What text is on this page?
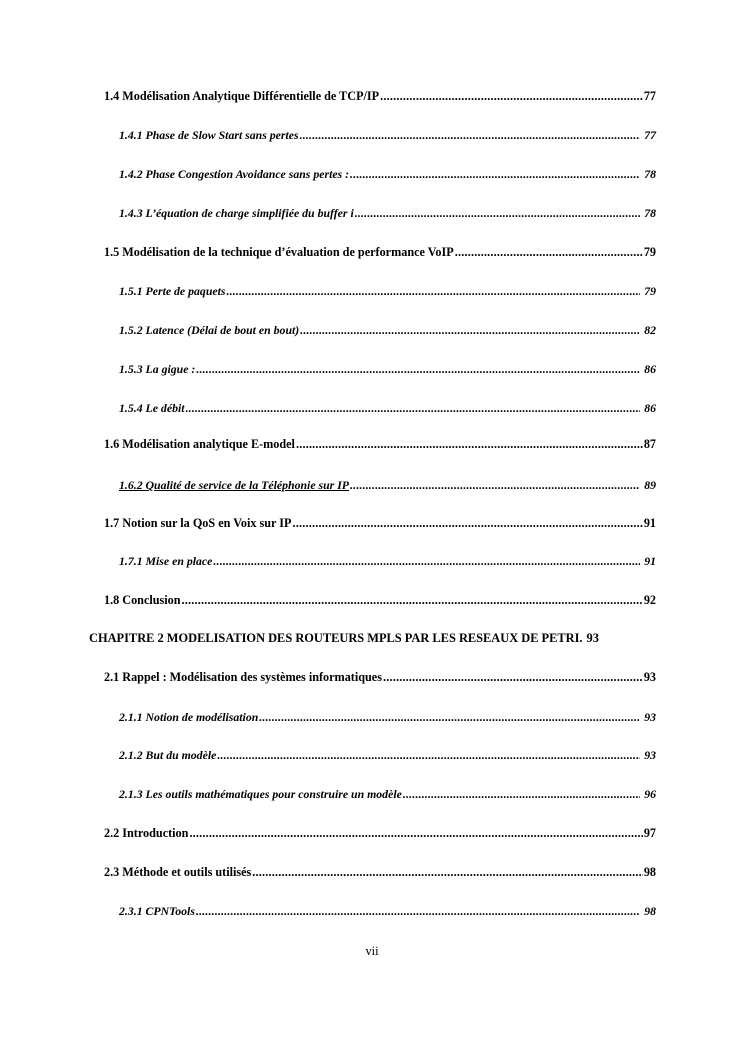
1.4 Modélisation Analytique Différentielle de TCP/IP .....	77
1.4.1 Phase de Slow Start sans pertes .....	77
1.4.2 Phase Congestion Avoidance sans pertes : .....	78
1.4.3 L’équation de charge simplifiée du buffer i .....	78
1.5 Modélisation de la technique d’évaluation de performance VoIP .....	79
1.5.1 Perte de paquets .....	79
1.5.2 Latence (Délai de bout en bout) .....	82
1.5.3 La gigue : .....	86
1.5.4 Le débit .....	86
1.6 Modélisation analytique E-model .....	87
1.6.2 Qualité de service de la Téléphonie sur IP .....	89
1.7 Notion sur la QoS en Voix sur IP .....	91
1.7.1 Mise en place .....	91
1.8 Conclusion .....	92
CHAPITRE 2 MODELISATION DES ROUTEURS MPLS PAR LES RESEAUX DE PETRI. 93
2.1 Rappel : Modélisation des systèmes informatiques .....	93
2.1.1 Notion de modélisation .....	93
2.1.2 But du modèle .....	93
2.1.3 Les outils mathématiques pour construire un modèle .....	96
2.2 Introduction .....	97
2.3 Méthode et outils utilisés .....	98
2.3.1 CPNTools .....	98
vii
